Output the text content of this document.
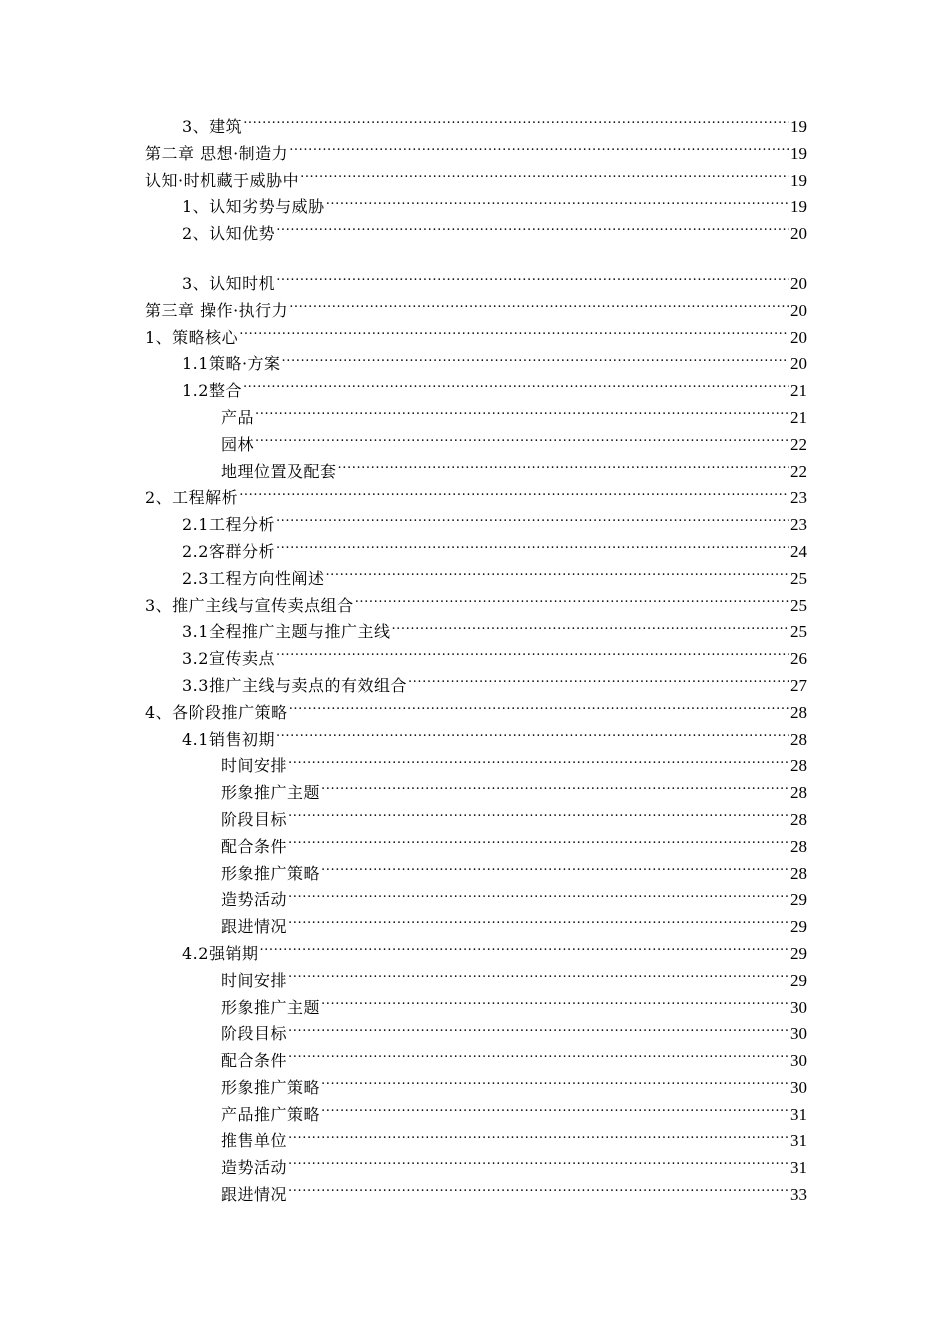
3、建筑 .....	19
第二章 思想·制造力 .....	19
认知·时机藏于威胁中 .....	19
1、认知劣势与威胁 .....	19
2、认知优势 .....	20
3、认知时机 .....	20
第三章 操作·执行力 .....	20
1、策略核心 .....	20
1.1策略·方案 .....	20
1.2整合 .....	21
产品 .....	21
园林 .....	22
地理位置及配套 .....	22
2、工程解析 .....	23
2.1工程分析 .....	23
2.2客群分析 .....	24
2.3工程方向性阐述 .....	25
3、推广主线与宣传卖点组合 .....	25
3.1全程推广主题与推广主线 .....	25
3.2宣传卖点 .....	26
3.3推广主线与卖点的有效组合 .....	27
4、各阶段推广策略 .....	28
4.1销售初期 .....	28
时间安排 .....	28
形象推广主题 .....	28
阶段目标 .....	28
配合条件 .....	28
形象推广策略 .....	28
造势活动 .....	29
跟进情况 .....	29
4.2强销期 .....	29
时间安排 .....	29
形象推广主题 .....	30
阶段目标 .....	30
配合条件 .....	30
形象推广策略 .....	30
产品推广策略 .....	31
推售单位 .....	31
造势活动 .....	31
跟进情况 .....	33
